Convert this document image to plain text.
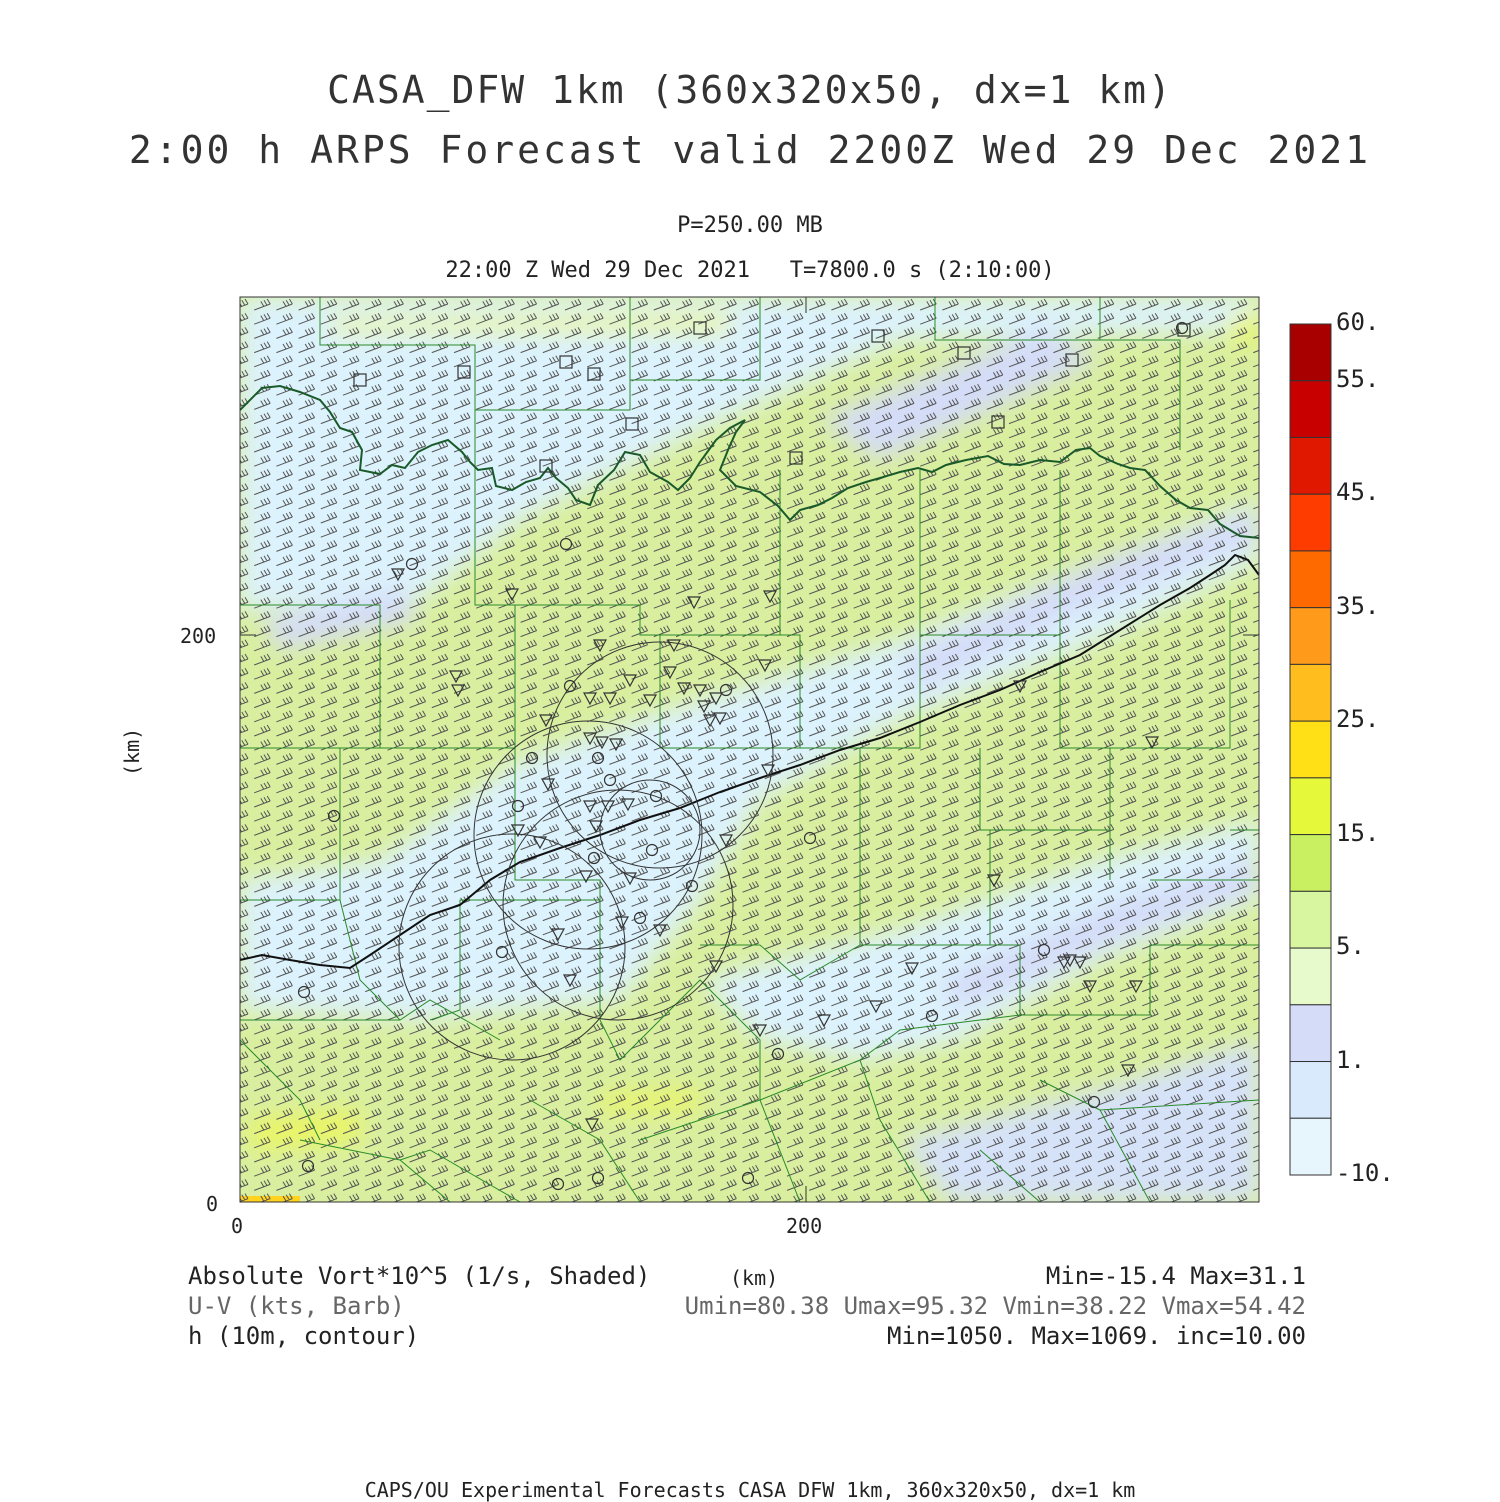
CASA_DFW 1km (360x320x50, dx=1 km)
2:00 h ARPS Forecast valid 2200Z Wed 29 Dec 2021
P=250.00 MB
22:00 Z Wed 29 Dec 2021 T=7800.0 s (2:10:00)
200
0
0	200
(km)
(km)
60.
55.
45.
35.
25.
15.
5.
1.
-10.
Absolute Vort*10^5 (1/s, Shaded)	Min=-15.4 Max=31.1
U-V (kts, Barb)	Umin=80.38 Umax=95.32 Vmin=38.22 Vmax=54.42
h (10m, contour)	Min=1050. Max=1069. inc=10.00
CAPS/OU Experimental Forecasts CASA DFW 1km, 360x320x50, dx=1 km
